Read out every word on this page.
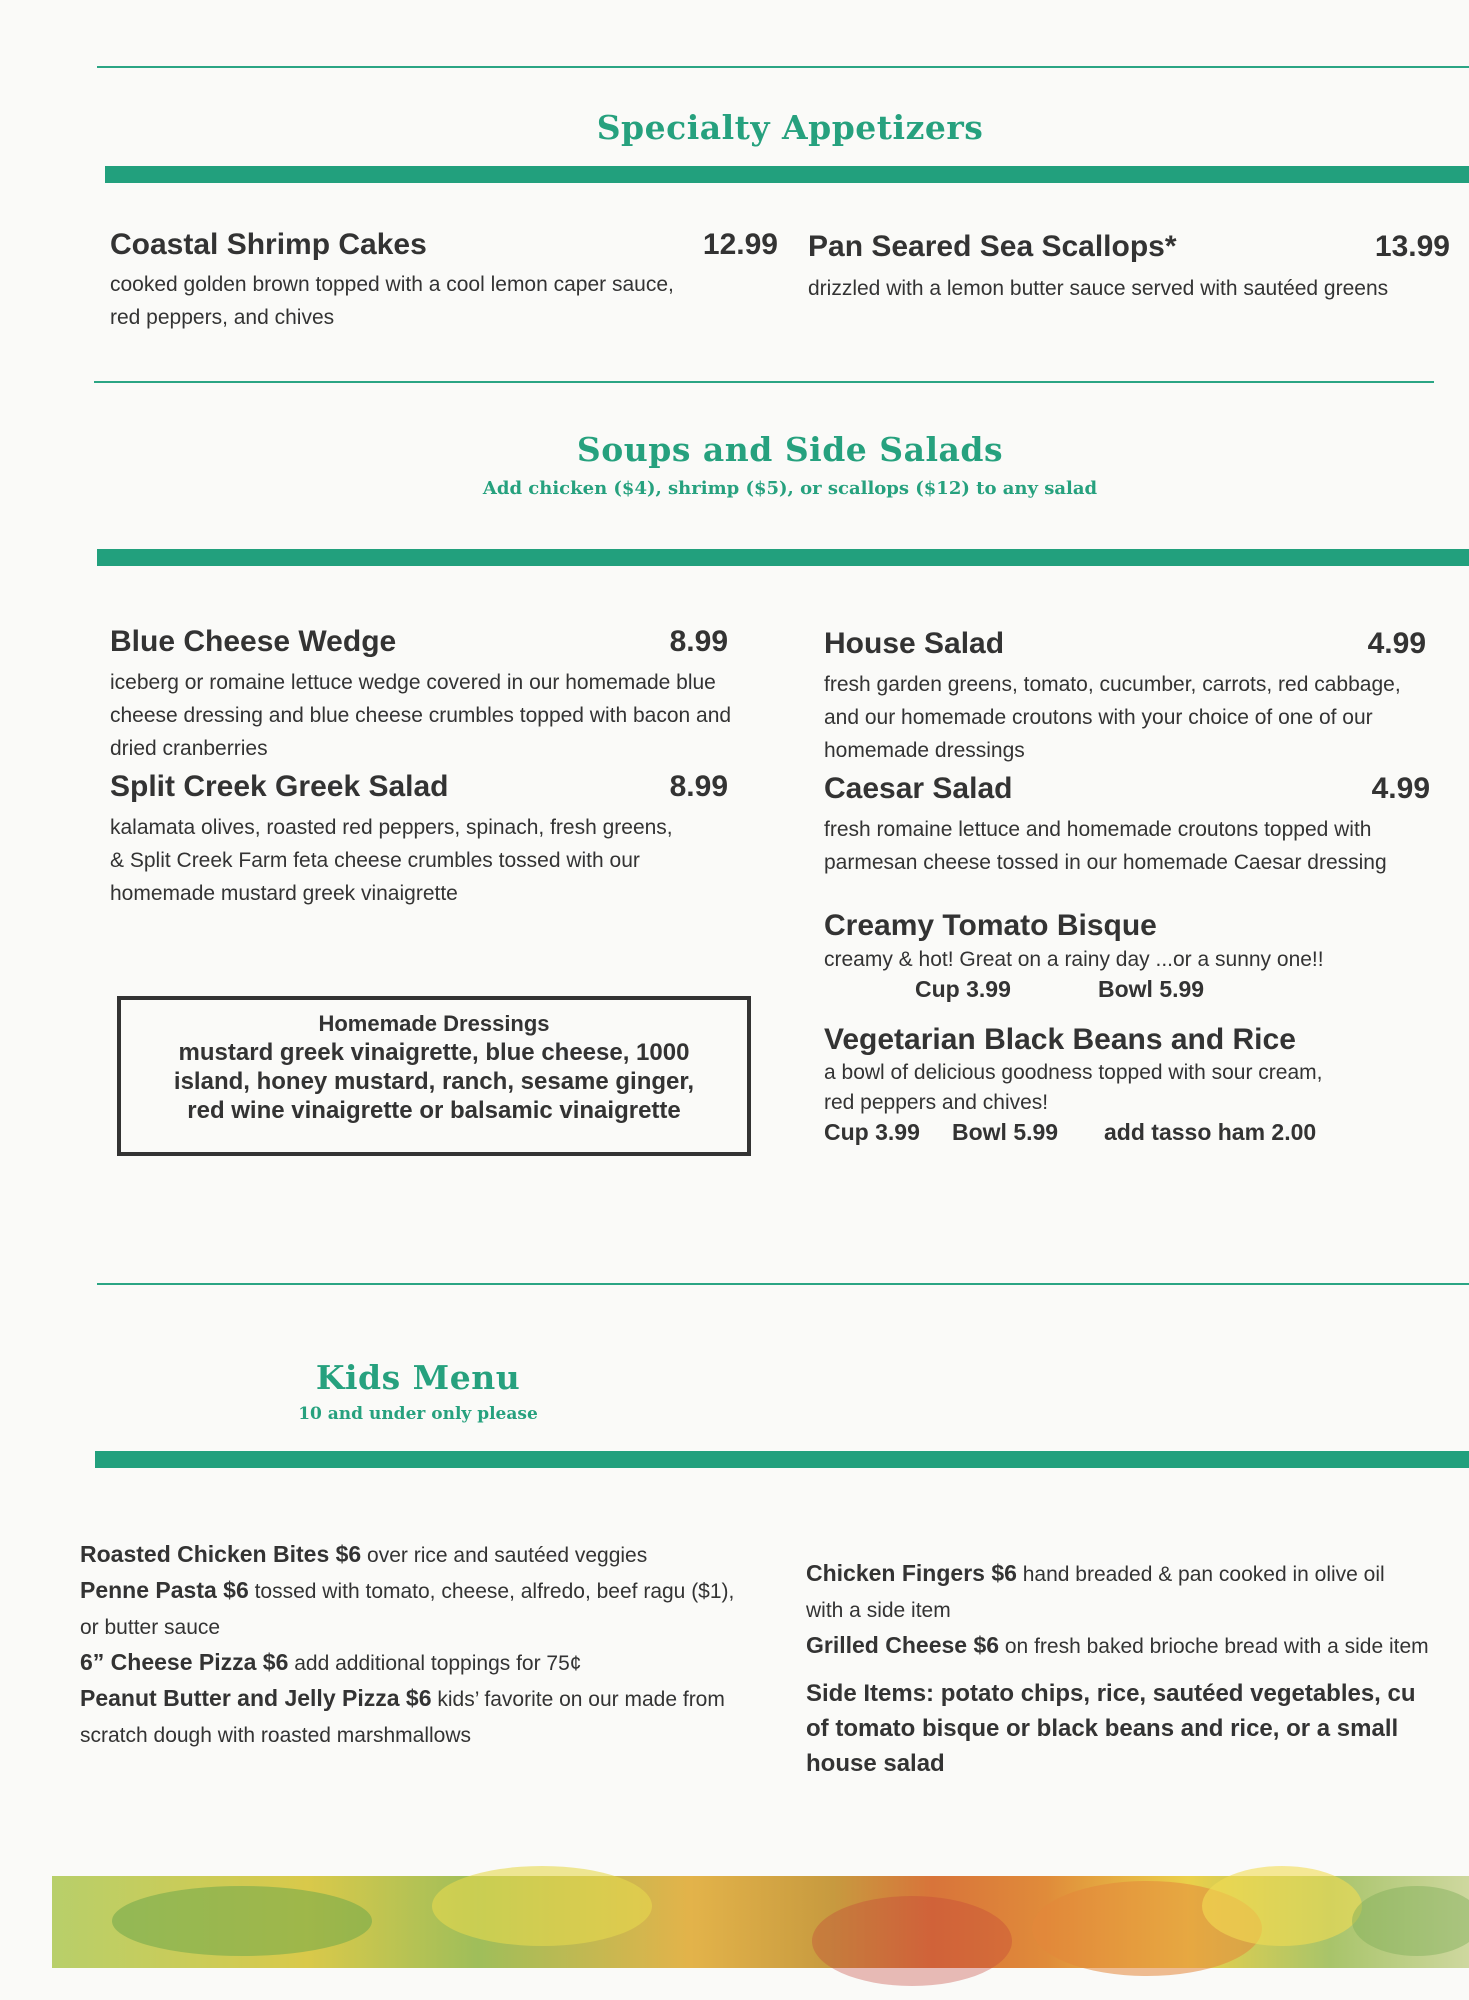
Specialty Appetizers
Coastal Shrimp Cakes	12.99
cooked golden brown topped with a cool lemon caper sauce,
red peppers, and chives
Pan Seared Sea Scallops*	13.99
drizzled with a lemon butter sauce served with sautéed greens
Soups and Side Salads
Add chicken ($4), shrimp ($5), or scallops ($12) to any salad
Blue Cheese Wedge	8.99
iceberg or romaine lettuce wedge covered in our homemade blue
cheese dressing and blue cheese crumbles topped with bacon and
dried cranberries
Split Creek Greek Salad	8.99
kalamata olives, roasted red peppers, spinach, fresh greens,
& Split Creek Farm feta cheese crumbles tossed with our
homemade mustard greek vinaigrette
Homemade Dressings
mustard greek vinaigrette, blue cheese, 1000
island, honey mustard, ranch, sesame ginger,
red wine vinaigrette or balsamic vinaigrette
House Salad	4.99
fresh garden greens, tomato, cucumber, carrots, red cabbage,
and our homemade croutons with your choice of one of our
homemade dressings
Caesar Salad	4.99
fresh romaine lettuce and homemade croutons topped with
parmesan cheese tossed in our homemade Caesar dressing
Creamy Tomato Bisque
creamy & hot! Great on a rainy day ...or a sunny one!!
Cup 3.99	Bowl 5.99
Vegetarian Black Beans and Rice
a bowl of delicious goodness topped with sour cream,
red peppers and chives!
Cup 3.99 Bowl 5.99 add tasso ham 2.00
Kids Menu
10 and under only please
Roasted Chicken Bites $6 over rice and sautéed veggies
Penne Pasta $6 tossed with tomato, cheese, alfredo, beef ragu ($1),
or butter sauce
6” Cheese Pizza $6 add additional toppings for 75¢
Peanut Butter and Jelly Pizza $6 kids’ favorite on our made from
scratch dough with roasted marshmallows
Chicken Fingers $6 hand breaded & pan cooked in olive oil
with a side item
Grilled Cheese $6 on fresh baked brioche bread with a side item
Side Items: potato chips, rice, sautéed vegetables, cu
of tomato bisque or black beans and rice, or a small
house salad
